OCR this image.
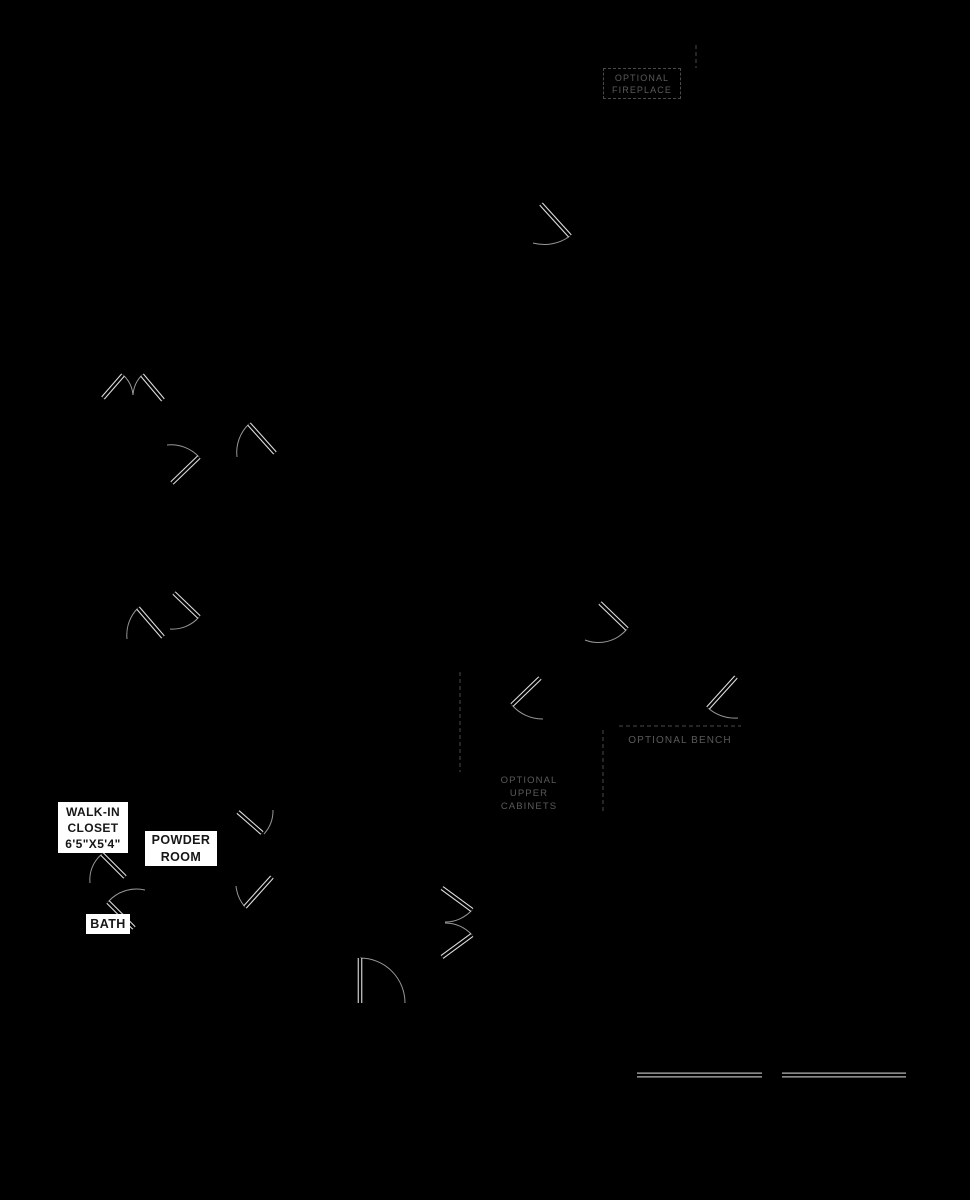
OPTIONAL
FIREPLACE
OPTIONAL BENCH
OPTIONAL
UPPER
CABINETS
WALK-IN
CLOSET
6'5"X5'4"	POWDER
ROOM
BATH
